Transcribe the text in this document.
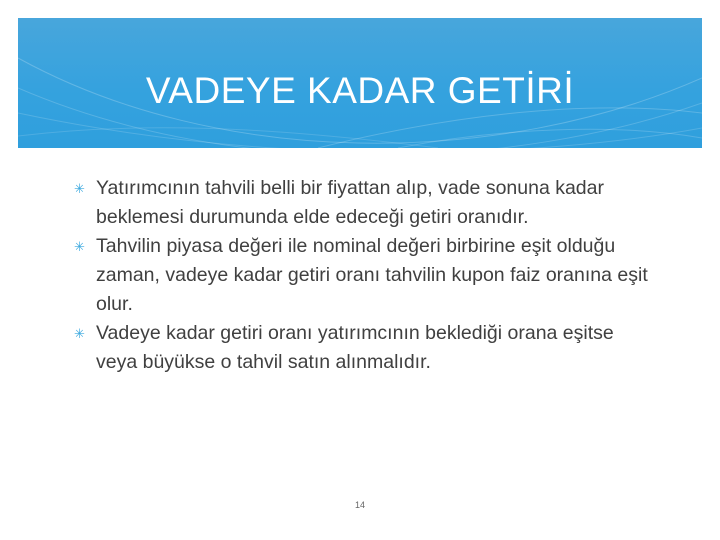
VADEYE KADAR GETİRİ
✳ Yatırımcının tahvili belli bir fiyattan alıp, vade sonuna kadar beklemesi durumunda elde edeceği getiri oranıdır.
✳ Tahvilin piyasa değeri ile nominal değeri birbirine eşit olduğu zaman, vadeye kadar getiri oranı tahvilin kupon faiz oranına eşit olur.
✳ Vadeye kadar getiri oranı yatırımcının beklediği orana eşitse veya büyükse o tahvil satın alınmalıdır.
14
